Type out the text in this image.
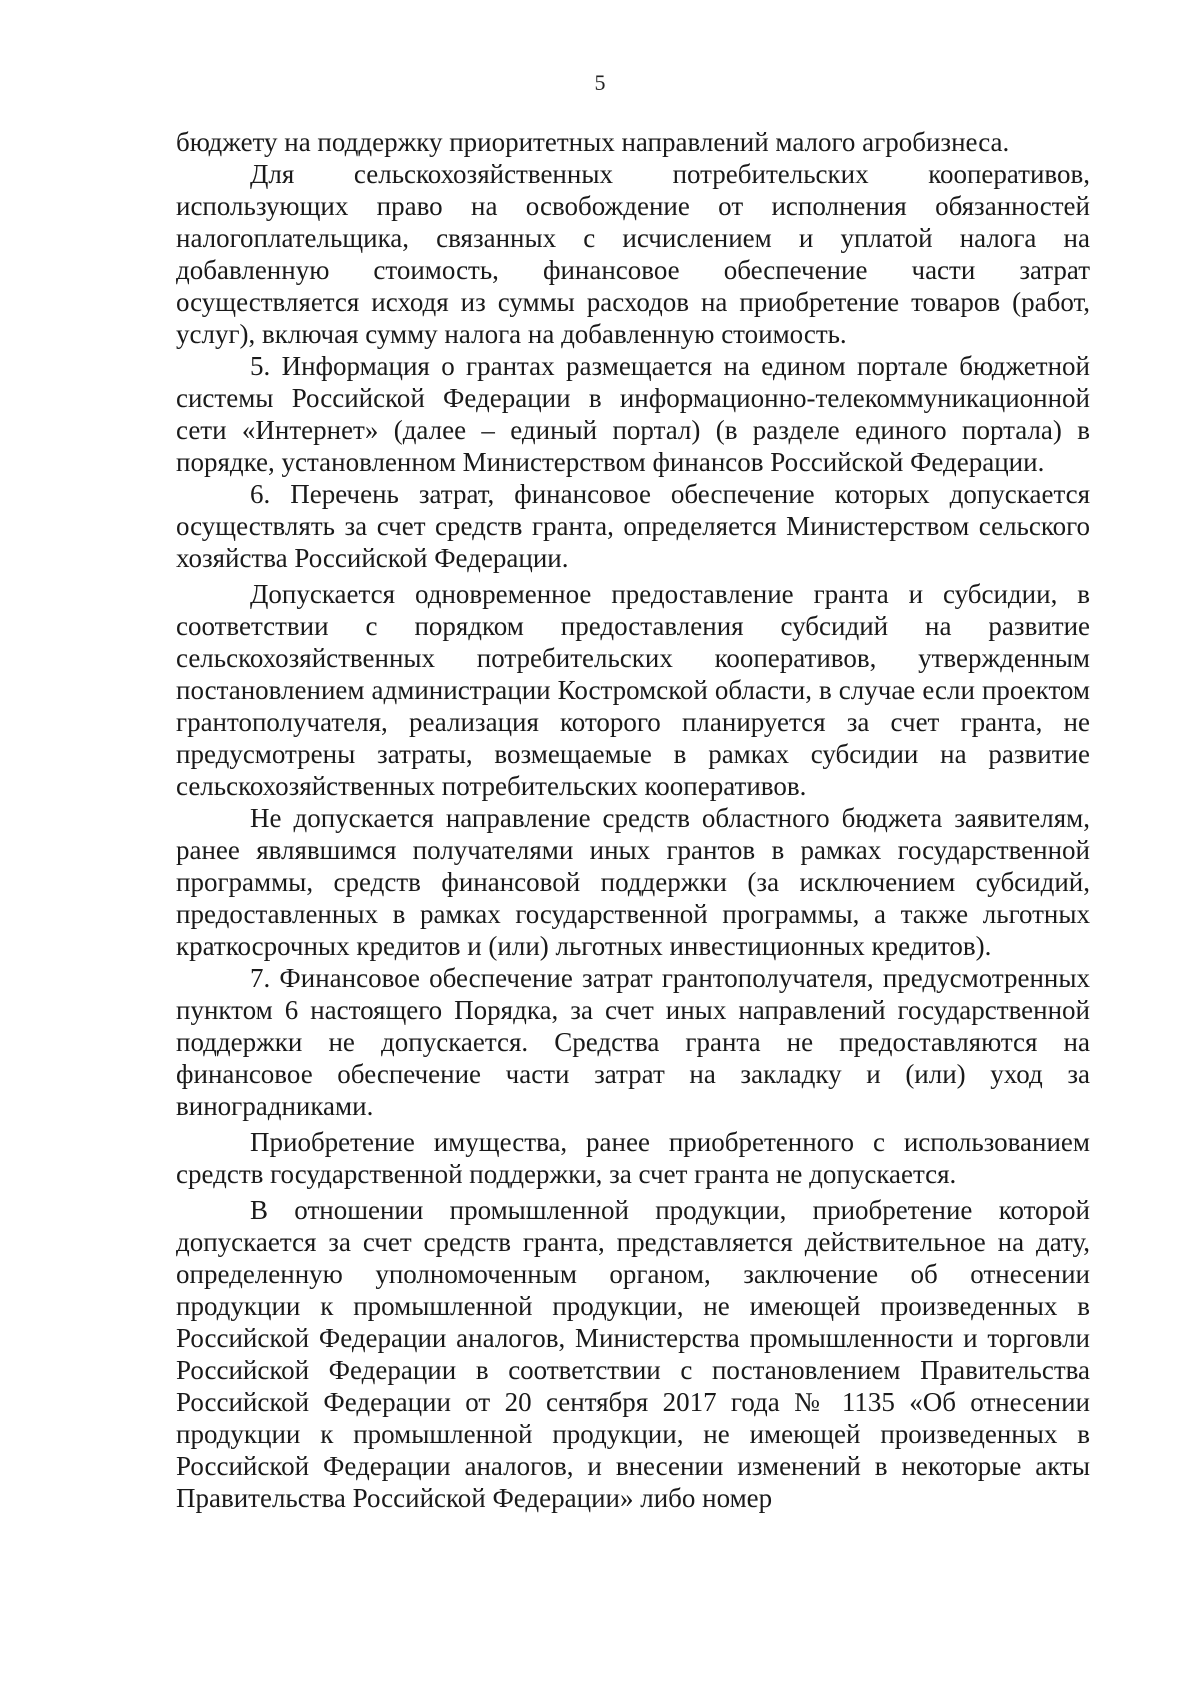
5

бюджету на поддержку приоритетных направлений малого агробизнеса.

Для сельскохозяйственных потребительских кооперативов, использующих право на освобождение от исполнения обязанностей налогоплательщика, связанных с исчислением и уплатой налога на добавленную стоимость, финансовое обеспечение части затрат осуществляется исходя из суммы расходов на приобретение товаров (работ, услуг), включая сумму налога на добавленную стоимость.

5. Информация о грантах размещается на едином портале бюджетной системы Российской Федерации в информационно-телекоммуникационной сети «Интернет» (далее – единый портал) (в разделе единого портала) в порядке, установленном Министерством финансов Российской Федерации.

6. Перечень затрат, финансовое обеспечение которых допускается осуществлять за счет средств гранта, определяется Министерством сельского хозяйства Российской Федерации.

Допускается одновременное предоставление гранта и субсидии, в соответствии с порядком предоставления субсидий на развитие сельскохозяйственных потребительских кооперативов, утвержденным постановлением администрации Костромской области, в случае если проектом грантополучателя, реализация которого планируется за счет гранта, не предусмотрены затраты, возмещаемые в рамках субсидии на развитие сельскохозяйственных потребительских кооперативов.

Не допускается направление средств областного бюджета заявителям, ранее являвшимся получателями иных грантов в рамках государственной программы, средств финансовой поддержки (за исключением субсидий, предоставленных в рамках государственной программы, а также льготных краткосрочных кредитов и (или) льготных инвестиционных кредитов).

7. Финансовое обеспечение затрат грантополучателя, предусмотренных пунктом 6 настоящего Порядка, за счет иных направлений государственной поддержки не допускается. Средства гранта не предоставляются на финансовое обеспечение части затрат на закладку и (или) уход за виноградниками.

Приобретение имущества, ранее приобретенного с использованием средств государственной поддержки, за счет гранта не допускается.

В отношении промышленной продукции, приобретение которой допускается за счет средств гранта, представляется действительное на дату, определенную уполномоченным органом, заключение об отнесении продукции к промышленной продукции, не имеющей произведенных в Российской Федерации аналогов, Министерства промышленности и торговли Российской Федерации в соответствии с постановлением Правительства Российской Федерации от 20 сентября 2017 года № 1135 «Об отнесении продукции к промышленной продукции, не имеющей произведенных в Российской Федерации аналогов, и внесении изменений в некоторые акты Правительства Российской Федерации» либо номер
